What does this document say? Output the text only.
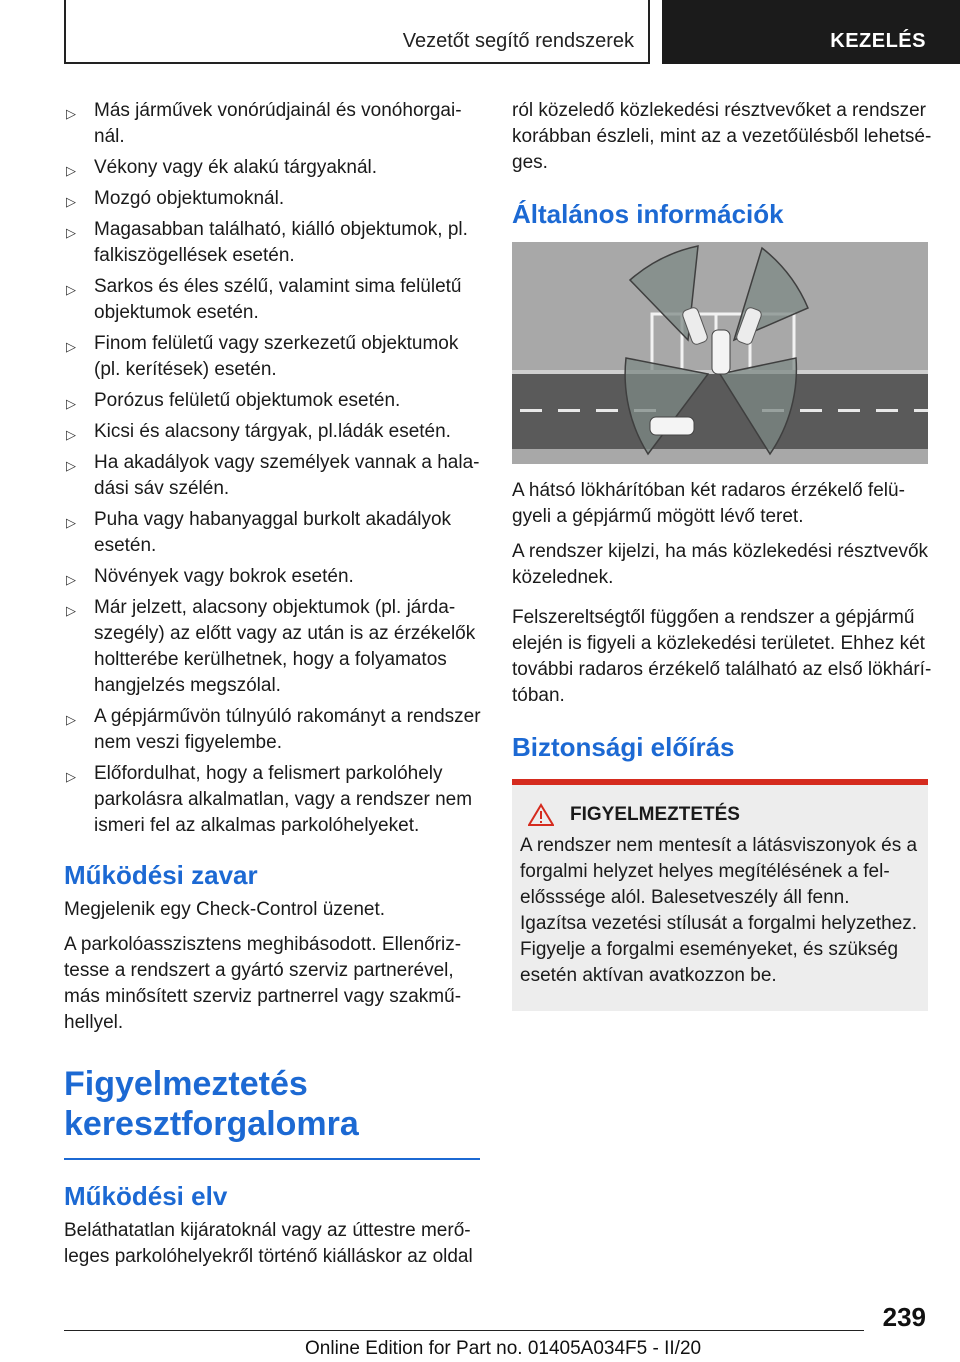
Vezetőt segítő rendszerek	KEZELÉS
▷ Más járművek vonórúdjainál és vonóhorgainál.
▷ Vékony vagy ék alakú tárgyaknál.
▷ Mozgó objektumoknál.
▷ Magasabban található, kiálló objektumok, pl. falkiszögellések esetén.
▷ Sarkos és éles szélű, valamint sima felületű objektumok esetén.
▷ Finom felületű vagy szerkezetű objektumok (pl. kerítések) esetén.
▷ Porózus felületű objektumok esetén.
▷ Kicsi és alacsony tárgyak, pl.ládák esetén.
▷ Ha akadályok vagy személyek vannak a haladási sáv szélén.
▷ Puha vagy habanyaggal burkolt akadályok esetén.
▷ Növények vagy bokrok esetén.
▷ Már jelzett, alacsony objektumok (pl. járdaszegély) az előtt vagy az után is az érzékelők holtterébe kerülhetnek, hogy a folyamatos hangjelzés megszólal.
▷ A gépjárművön túlnyúló rakományt a rendszer nem veszi figyelembe.
▷ Előfordulhat, hogy a felismert parkolóhely parkolásra alkalmatlan, vagy a rendszer nem ismeri fel az alkalmas parkolóhelyeket.
Működési zavar

Megjelenik egy Check-Control üzenet.

A parkolóasszisztens meghibásodott. Ellenőriztesse a rendszert a gyártó szerviz partnerével, más minősített szerviz partnerrel vagy szakműhellyel.

Figyelmeztetés keresztforgalomra
Működési elv

Beláthatatlan kijáratoknál vagy az úttestre merőleges parkolóhelyekről történő kiálláskor az oldal

ról közeledő közlekedési résztvevőket a rendszer korábban észleli, mint az a vezetőülésből lehetséges.

Általános információk

A hátsó lökhárítóban két radaros érzékelő felügyeli a gépjármű mögött lévő teret.

A rendszer kijelzi, ha más közlekedési résztvevők közelednek.

Felszereltségtől függően a rendszer a gépjármű elején is figyeli a közlekedési területet. Ehhez két további radaros érzékelő található az első lökhárítóban.

Biztonsági előírás
FIGYELMEZTETÉS

A rendszer nem mentesít a látásviszonyok és a forgalmi helyzet helyes megítélésének a felelősssége alól. Balesetveszély áll fenn. Igazítsa vezetési stílusát a forgalmi helyzethez. Figyelje a forgalmi eseményeket, és szükség esetén aktívan avatkozzon be.

239
Online Edition for Part no. 01405A034F5 - II/20
